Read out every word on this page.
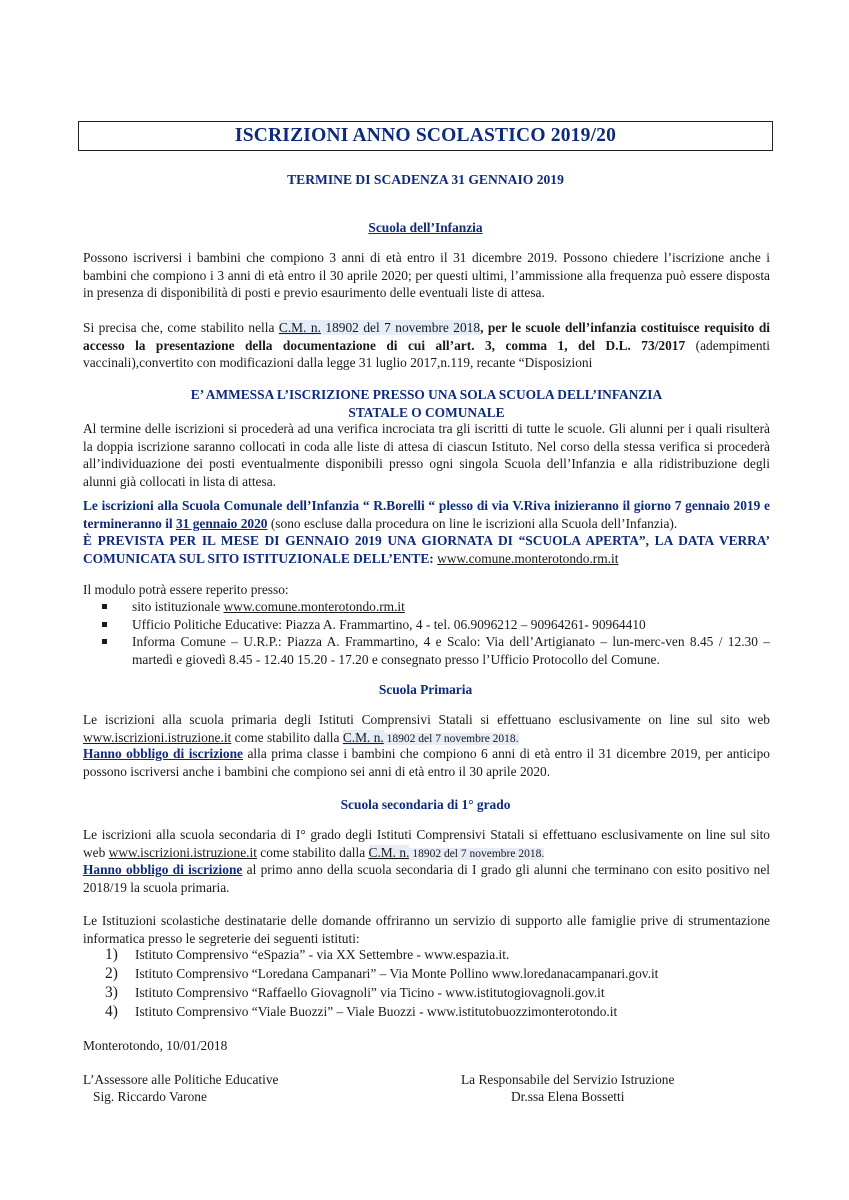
ISCRIZIONI ANNO SCOLASTICO 2019/20
TERMINE DI SCADENZA 31 GENNAIO 2019
Scuola dell’Infanzia
Possono iscriversi i bambini che compiono 3 anni di età entro il 31 dicembre 2019. Possono chiedere l’iscrizione anche i bambini che compiono i 3 anni di età entro il 30 aprile 2020; per questi ultimi, l’ammissione alla frequenza può essere disposta in presenza di disponibilità di posti e previo esaurimento delle eventuali liste di attesa.
Si precisa che, come stabilito nella C.M. n. 18902 del 7 novembre 2018, per le scuole dell’infanzia costituisce requisito di accesso la presentazione della documentazione di cui all’art. 3, comma 1, del D.L. 73/2017 (adempimenti vaccinali),convertito con modificazioni dalla legge 31 luglio 2017,n.119, recante “Disposizioni
E’ AMMESSA L’ISCRIZIONE PRESSO UNA SOLA SCUOLA DELL’INFANZIA
STATALE O COMUNALE
Al termine delle iscrizioni si procederà ad una verifica incrociata tra gli iscritti di tutte le scuole. Gli alunni per i quali risulterà la doppia iscrizione saranno collocati in coda alle liste di attesa di ciascun Istituto. Nel corso della stessa verifica si procederà all’individuazione dei posti eventualmente disponibili presso ogni singola Scuola dell’Infanzia e alla ridistribuzione degli alunni già collocati in lista di attesa.
Le iscrizioni alla Scuola Comunale dell’Infanzia “ R.Borelli “ plesso di via V.Riva inizieranno il giorno 7 gennaio 2019 e termineranno il 31 gennaio 2020 (sono escluse dalla procedura on line le iscrizioni alla Scuola dell’Infanzia).
È PREVISTA PER IL MESE DI GENNAIO 2019 UNA GIORNATA DI “SCUOLA APERTA”, LA DATA VERRA’ COMUNICATA SUL SITO ISTITUZIONALE DELL’ENTE: www.comune.monterotondo.rm.it
Il modulo potrà essere reperito presso:
sito istituzionale www.comune.monterotondo.rm.it
Ufficio Politiche Educative: Piazza A. Frammartino, 4 - tel. 06.9096212 – 90964261- 90964410
Informa Comune – U.R.P.: Piazza A. Frammartino, 4 e Scalo: Via dell’Artigianato – lun-merc-ven 8.45 / 12.30 – martedì e giovedì 8.45 - 12.40 15.20 - 17.20 e consegnato presso l’Ufficio Protocollo del Comune.
Scuola Primaria
Le iscrizioni alla scuola primaria degli Istituti Comprensivi Statali si effettuano esclusivamente on line sul sito web www.iscrizioni.istruzione.it come stabilito dalla C.M. n. 18902 del 7 novembre 2018.
Hanno obbligo di iscrizione alla prima classe i bambini che compiono 6 anni di età entro il 31 dicembre 2019, per anticipo possono iscriversi anche i bambini che compiono sei anni di età entro il 30 aprile 2020.
Scuola secondaria di 1° grado
Le iscrizioni alla scuola secondaria di I° grado degli Istituti Comprensivi Statali si effettuano esclusivamente on line sul sito web www.iscrizioni.istruzione.it come stabilito dalla C.M. n. 18902 del 7 novembre 2018.
Hanno obbligo di iscrizione al primo anno della scuola secondaria di I grado gli alunni che terminano con esito positivo nel 2018/19 la scuola primaria.
Le Istituzioni scolastiche destinatarie delle domande offriranno un servizio di supporto alle famiglie prive di strumentazione informatica presso le segreterie dei seguenti istituti:
1) Istituto Comprensivo “eSpazia” - via XX Settembre - www.espazia.it.
2) Istituto Comprensivo “Loredana Campanari” – Via Monte Pollino www.loredanacampanari.gov.it
3) Istituto Comprensivo “Raffaello Giovagnoli” via Ticino - www.istitutogiovagnoli.gov.it
4) Istituto Comprensivo “Viale Buozzi” – Viale Buozzi - www.istitutobuozzimonterotondo.it
Monterotondo, 10/01/2018
L’Assessore alle Politiche Educative
Sig. Riccardo Varone
La Responsabile del Servizio Istruzione
Dr.ssa Elena Bossetti
